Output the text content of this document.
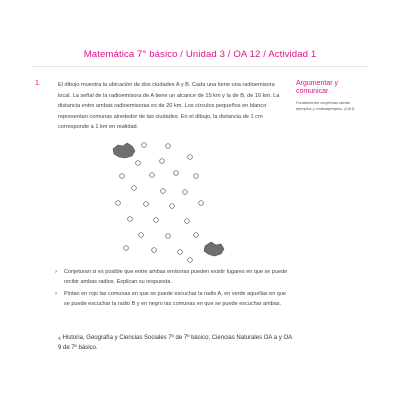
Matemática 7° básico / Unidad 3 / OA 12 / Actividad 1
1.	El dibujo muestra la ubicación de dos ciudades A y B. Cada una tiene una radioemisora local. La señal de la radioemisora de A tiene un alcance de 15 km y la de B, de 10 km. La distancia entre ambas radioemisoras es de 20 km. Los círculos pequeños en blanco representan comunas alrededor de las ciudades. En el dibujo, la distancia de 1 cm corresponde a 1 km en realidad.
Argumentar y comunicar
Fundamentar conjeturas dando ejemplos y contraejemplos. (OA f)
› Conjeturan si es posible que entre ambas emisoras pueden existir lugares en que se puede recibir ambas radios. Explican su respuesta.
› Pintan en rojo las comunas en que se puede escuchar la radio A, en verde aquellas en que se puede escuchar la radio B y en negro las comunas en que se puede escuchar ambas.
® Historia, Geografía y Ciencias Sociales 7º de 7º básico; Ciencias Naturales OA a y OA 9 de 7º básico.
